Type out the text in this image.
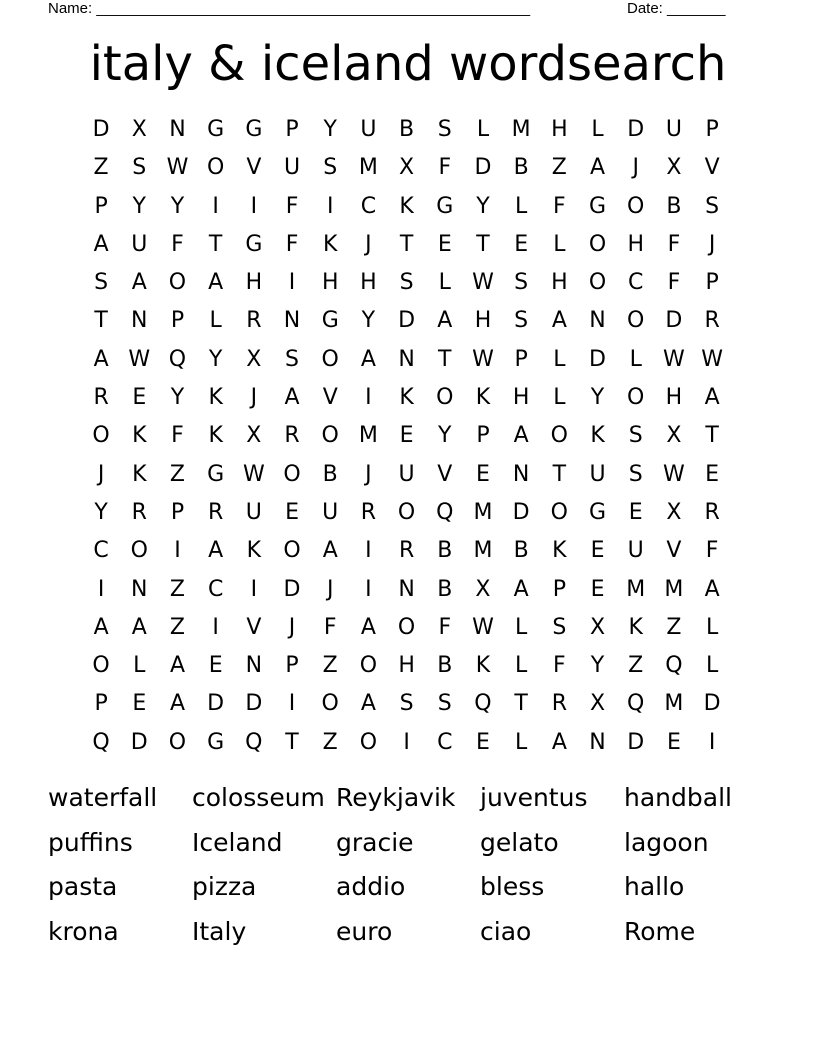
Name: ____________________________________________________	Date: _______
italy & iceland wordsearch
D	X	N G G	P	Y	U	B	S	L	M H	L	D U	P
Z	S W O	V	U	S M X	F	D	B	Z	A	J	X	V
P	Y	Y	I	I	F	I	C	K	G	Y	L	F	G O B	S
A	U	F	T	G	F	K	J	T	E	T	E	L	O H	F	J
S	A O	A	H	I	H H	S	L W S	H O C	F	P
T	N	P	L	R	N G	Y	D	A	H	S	A	N O D	R
A W Q	Y	X	S	O	A	N	T W P	L	D	L W W
R	E	Y	K	J	A	V	I	K	O	K	H	L	Y	O H	A
O	K	F	K	X	R O M E	Y	P	A O	K	S	X	T
J	K	Z	G W O B	J	U	V	E	N	T	U	S W E
Y	R	P	R	U	E	U	R O Q M D O G	E	X	R
C O	I	A	K	O	A	I	R	B M B	K	E	U	V	F
I	N	Z	C	I	D	J	I	N	B	X	A	P	E M M A
A	A	Z	I	V	J	F	A O	F W L	S	X	K	Z	L
O	L	A	E	N	P	Z O H	B	K	L	F	Y	Z Q	L
P	E	A	D D	I	O	A	S	S	Q	T	R	X Q M D
Q D O G Q	T	Z O	I	C	E	L	A	N D	E	I
waterfall	colosseum Reykjavik juventus	handball
puffins	Iceland	gracie	gelato	lagoon
pasta	pizza	addio	bless	hallo
krona	Italy	euro	ciao	Rome
